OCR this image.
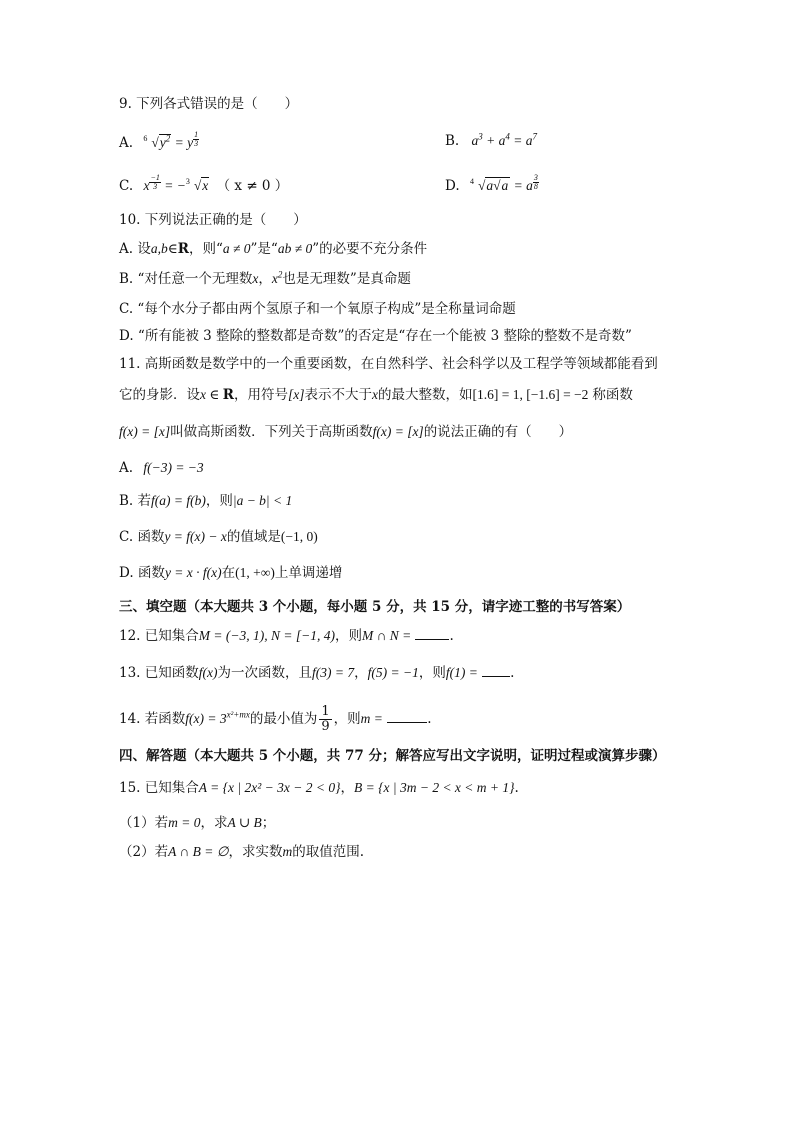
9. 下列各式错误的是（　　）
A. 6 $√y^2 = y \frac{1}{3}$	B. $a^3 + a^4 = a^7$
C. x $\frac{-1}{3}$ = − 3 √x （ x ≠ 0 ）	D. 4 √a√a = a $\frac{3}{8}$
10. 下列说法正确的是（　　）
A. 设a,b∈R，则“a ≠ 0”是“ab ≠ 0”的必要不充分条件
B. “对任意一个无理数x，$x^2$也是无理数”是真命题
C. “每个水分子都由两个氢原子和一个氧原子构成”是全称量词命题
D. “所有能被 3 整除的整数都是奇数”的否定是“存在一个能被 3 整除的整数不是奇数”
11. 高斯函数是数学中的一个重要函数，在自然科学、社会科学以及工程学等领域都能看到
它的身影．设x ∈ R，用符号[x]表示不大于x的最大整数，如[1.6] = 1, [−1.6] = −2 称函数
f(x) = [x]叫做高斯函数．下列关于高斯函数f(x) = [x]的说法正确的有（　　）
A. f(−3) = −3
B. 若f(a) = f(b)，则|a − b| < 1
C. 函数y = f(x) − x的值域是(−1, 0)
D. 函数y = x · f(x)在(1, +∞)上单调递增
三、填空题（本大题共 3 个小题，每小题 5 分，共 15 分，请字迹工整的书写答案）
12. 已知集合M = (−3, 1), N = [−1, 4)，则M ∩ N =	.
13. 已知函数f(x)为一次函数，且f(3) = 7，f(5) = −1，则f(1) = .
14. 若函数$f(x) = 3^{x^2+mx}$的最小值为 $\frac{1}{9}$ ，则m =	.
四、解答题（本大题共 5 个小题，共 77 分；解答应写出文字说明，证明过程或演算步骤）
15. 已知集合A = {x | 2x² − 3x − 2 < 0}，B = {x | 3m − 2 < x < m + 1}.
（1）若m = 0，求A ∪ B；
（2）若A ∩ B = ∅，求实数m的取值范围.
